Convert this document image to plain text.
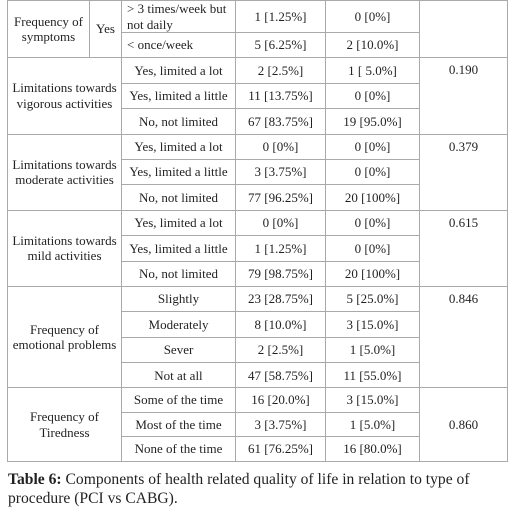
Frequency of symptoms	Yes	> 3 times/week but not daily	1 [1.25%]	0 [0%]	
		< once/week	5 [6.25%]	2 [10.0%]	
Limitations towards vigorous activities		Yes, limited a lot	2 [2.5%]	1 [ 5.0%]	0.190
		Yes, limited a little	11 [13.75%]	0 [0%]	
		No, not limited	67 [83.75%]	19 [95.0%]	
Limitations towards moderate activities		Yes, limited a lot	0 [0%]	0 [0%]	0.379
		Yes, limited a little	3 [3.75%]	0 [0%]	
		No, not limited	77 [96.25%]	20 [100%]	
Limitations towards mild activities		Yes, limited a lot	0 [0%]	0 [0%]	0.615
		Yes, limited a little	1 [1.25%]	0 [0%]	
		No, not limited	79 [98.75%]	20 [100%]	
Frequency of emotional problems		Slightly	23 [28.75%]	5 [25.0%]	0.846
		Moderately	8 [10.0%]	3 [15.0%]	
		Sever	2 [2.5%]	1 [5.0%]	
		Not at all	47 [58.75%]	11 [55.0%]	
Frequency of Tiredness		Some of the time	16 [20.0%]	3 [15.0%]	0.860
		Most of the time	3 [3.75%]	1 [5.0%]	
		None of the time	61 [76.25%]	16 [80.0%]	
Table 6: Components of health related quality of life in relation to type of procedure (PCI vs CABG).
